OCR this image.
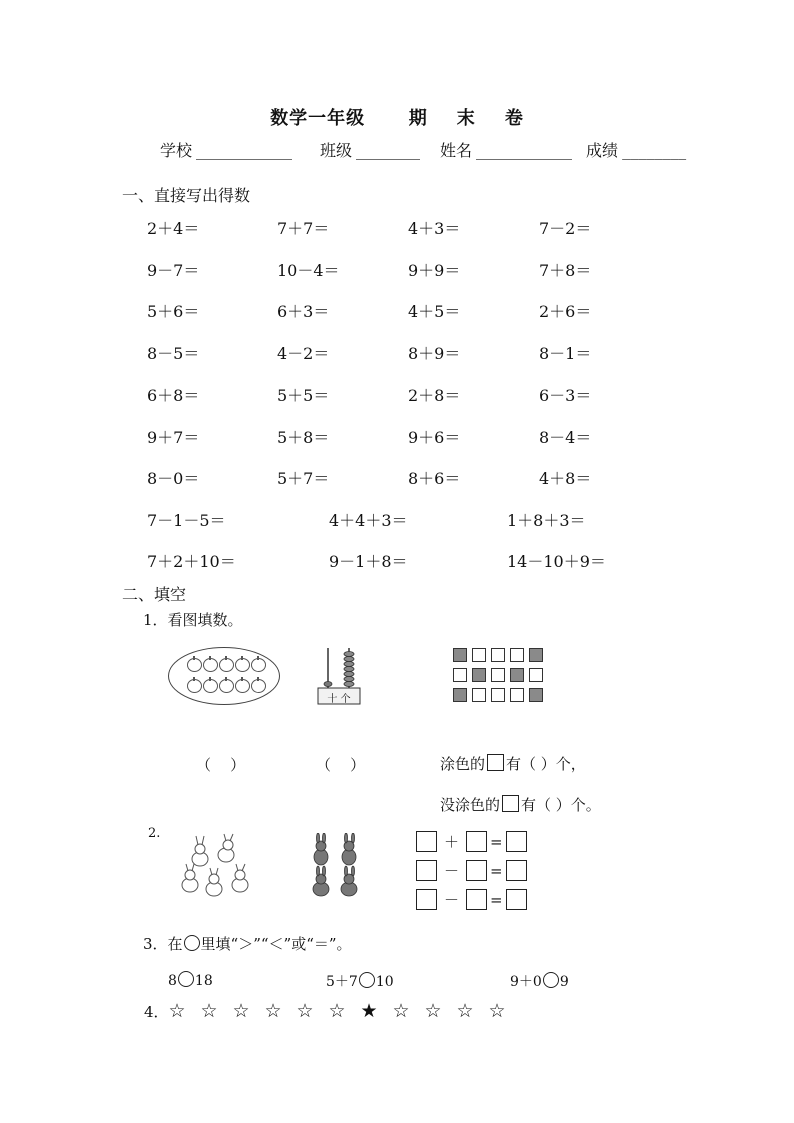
数学一年级      期    末    卷
学校 ____________ 班级 ________ 姓名 ____________ 成绩 ________
一、直接写出得数
2＋4＝	7＋7＝	4＋3＝	7－2＝
9－7＝	10－4＝	9＋9＝	7＋8＝
5＋6＝	6＋3＝	4＋5＝	2＋6＝
8－5＝	4－2＝	8＋9＝	8－1＝
6＋8＝	5＋5＝	2＋8＝	6－3＝
9＋7＝	5＋8＝	9＋6＝	8－4＝
8－0＝	5＋7＝	8＋6＝	4＋8＝
7－1－5＝	4＋4＋3＝	1＋8＋3＝
7＋2＋10＝	9－1＋8＝	14－10＋9＝
二、填空
1．看图填数。
十 个
（    ）	（    ）	涂色的 有（ ）个，
没涂色的 有（ ）个。
2.	＋ =
－ =
－ =
3．在 里填“＞”“＜”或“＝”。
8 18	5＋7 10	9＋0 9
4．☆ ☆ ☆ ☆ ☆ ☆ ★ ☆ ☆ ☆ ☆
